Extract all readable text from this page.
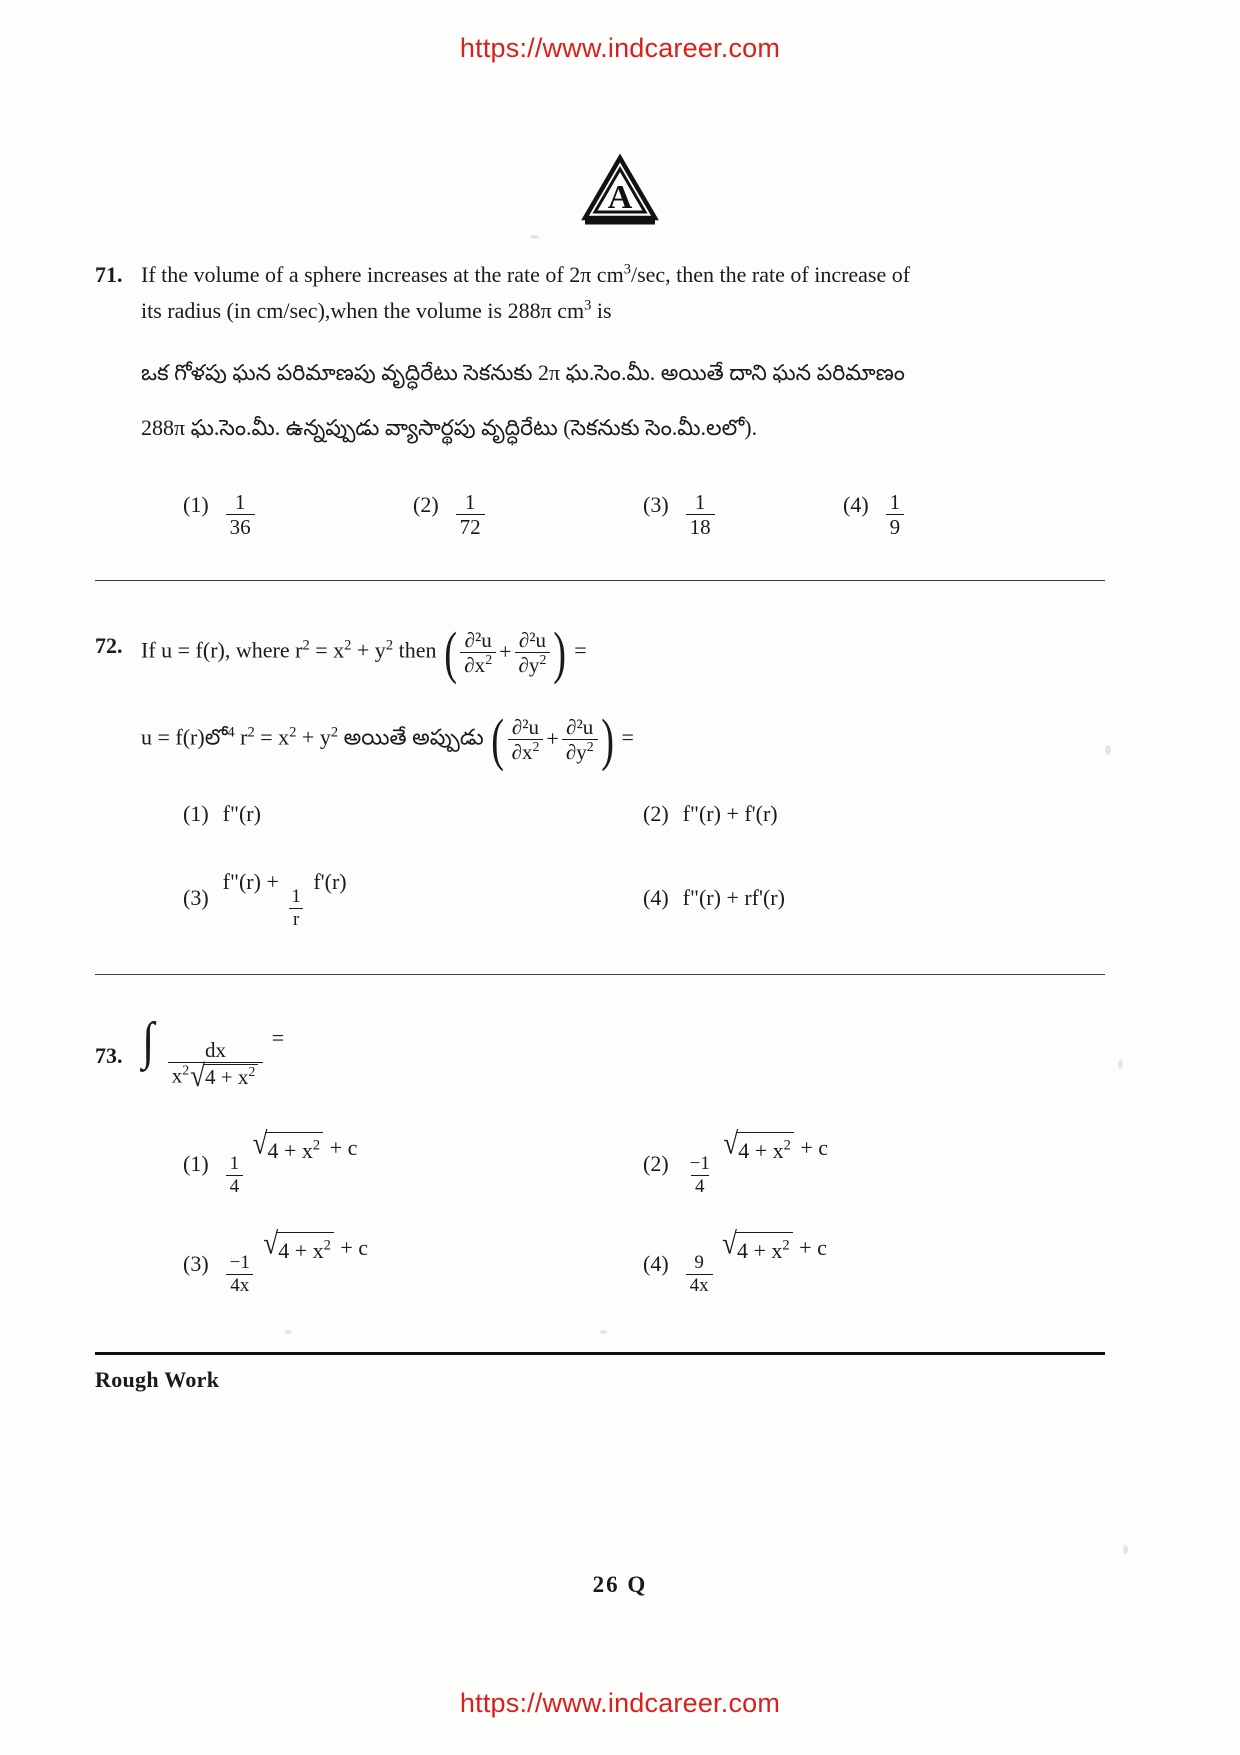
https://www.indcareer.com
A
71. If the volume of a sphere increases at the rate of 2π $cm^3/\sec$, then the rate of increase of
its radius (in cm/sec),when the volume is 288π $cm^3$ is
ఒక గోళపు ఘన పరిమాణపు వృద్ధిరేటు సెకనుకు 2π ఘ.సెం.మీ. అయితే దాని ఘన పరిమాణం
288π ఘ.సెం.మీ. ఉన్నప్పుడు వ్యాసార్థపు వృద్ధిరేటు (సెకనుకు సెం.మీ.లలో).
$(1) \frac{1}{36}$	$(2) \frac{1}{72}$	$(3) \frac{1}{18}$	$(4) \frac{1}{9}$
72. If u = f(r), where $r^2 = x^2 + y^2$ then ( $\frac{\text{∂²u}}{\partial x^2} + \frac{\text{∂²u}}{\partial y^2}$ ) =
u = f(r)లో$^4$ $r^2 = x^2 + y^2$ అయితే అప్పుడు ( $\frac{\text{∂²u}}{\partial x^2} + \frac{\text{∂²u}}{\partial y^2}$ ) =
(1) f"(r)	(2) f"(r) + f'(r)
(3)
f"(r) +
$\frac{1}{r}$
f'(r)
(4) f"(r) + rf'(r)
73. ∫ $\frac{dx}{x^2 √ 4 + x^2}$
=
$(1) \frac{1}{4}$

√ $4 + x^2 + c$
$(2) \frac{-1}{4}$

√ $4 + x^2 + c$
$(3) \frac{-1}{4x}$

√ $4 + x^2 + c$
$(4) \frac{9}{4x}$

√ $4 + x^2 + c$
Rough Work
26 Q
https://www.indcareer.com
